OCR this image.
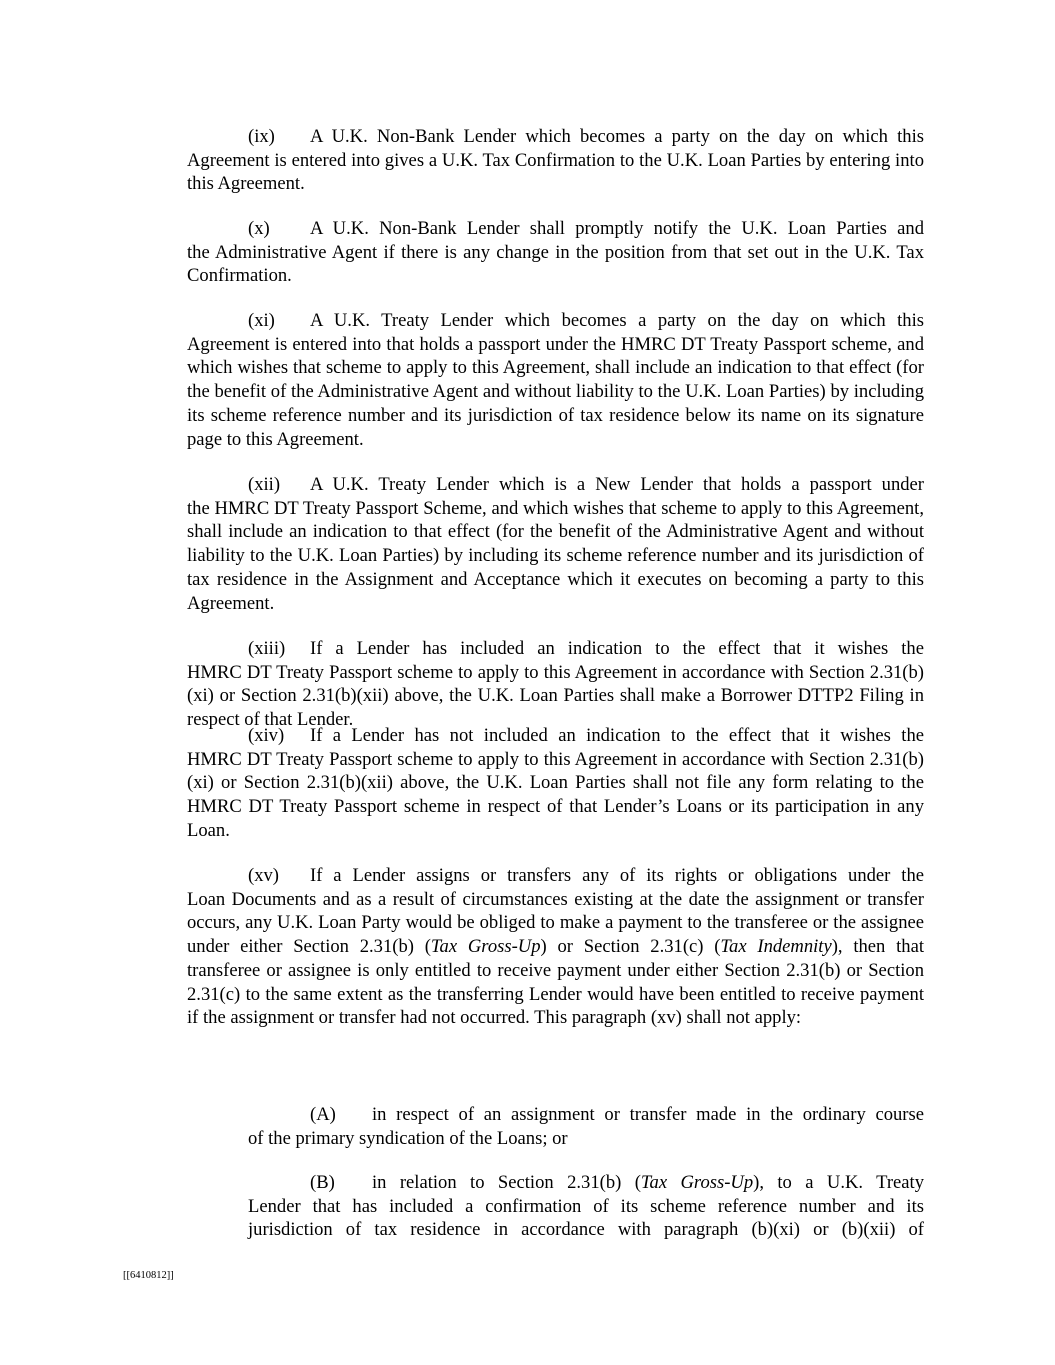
(ix) A U.K. Non-Bank Lender which becomes a party on the day on which this
Agreement is entered into gives a U.K. Tax Confirmation to the U.K. Loan Parties by entering into this Agreement.
(x) A U.K. Non-Bank Lender shall promptly notify the U.K. Loan Parties and
the Administrative Agent if there is any change in the position from that set out in the U.K. Tax Confirmation.
(xi) A U.K. Treaty Lender which becomes a party on the day on which this
Agreement is entered into that holds a passport under the HMRC DT Treaty Passport scheme, and which wishes that scheme to apply to this Agreement, shall include an indication to that effect (for the benefit of the Administrative Agent and without liability to the U.K. Loan Parties) by including its scheme reference number and its jurisdiction of tax residence below its name on its signature page to this Agreement.
(xii) A U.K. Treaty Lender which is a New Lender that holds a passport under
the HMRC DT Treaty Passport Scheme, and which wishes that scheme to apply to this Agreement, shall include an indication to that effect (for the benefit of the Administrative Agent and without liability to the U.K. Loan Parties) by including its scheme reference number and its jurisdiction of tax residence in the Assignment and Acceptance which it executes on becoming a party to this Agreement.
(xiii) If a Lender has included an indication to the effect that it wishes the
HMRC DT Treaty Passport scheme to apply to this Agreement in accordance with Section 2.31(b)(xi) or Section 2.31(b)(xii) above, the U.K. Loan Parties shall make a Borrower DTTP2 Filing in respect of that Lender.
(xiv) If a Lender has not included an indication to the effect that it wishes the
HMRC DT Treaty Passport scheme to apply to this Agreement in accordance with Section 2.31(b)(xi) or Section 2.31(b)(xii) above, the U.K. Loan Parties shall not file any form relating to the HMRC DT Treaty Passport scheme in respect of that Lender’s Loans or its participation in any Loan.
(xv) If a Lender assigns or transfers any of its rights or obligations under the
Loan Documents and as a result of circumstances existing at the date the assignment or transfer occurs, any U.K. Loan Party would be obliged to make a payment to the transferee or the assignee under either Section 2.31(b) (Tax Gross-Up) or Section 2.31(c) (Tax Indemnity), then that transferee or assignee is only entitled to receive payment under either Section 2.31(b) or Section 2.31(c) to the same extent as the transferring Lender would have been entitled to receive payment if the assignment or transfer had not occurred. This paragraph (xv) shall not apply:
(A) in respect of an assignment or transfer made in the ordinary course
of the primary syndication of the Loans; or
(B) in relation to Section 2.31(b) (Tax Gross-Up), to a U.K. Treaty
Lender that has included a confirmation of its scheme reference number and its jurisdiction of tax residence in accordance with paragraph (b)(xi) or (b)(xii) of
[[6410812]]
